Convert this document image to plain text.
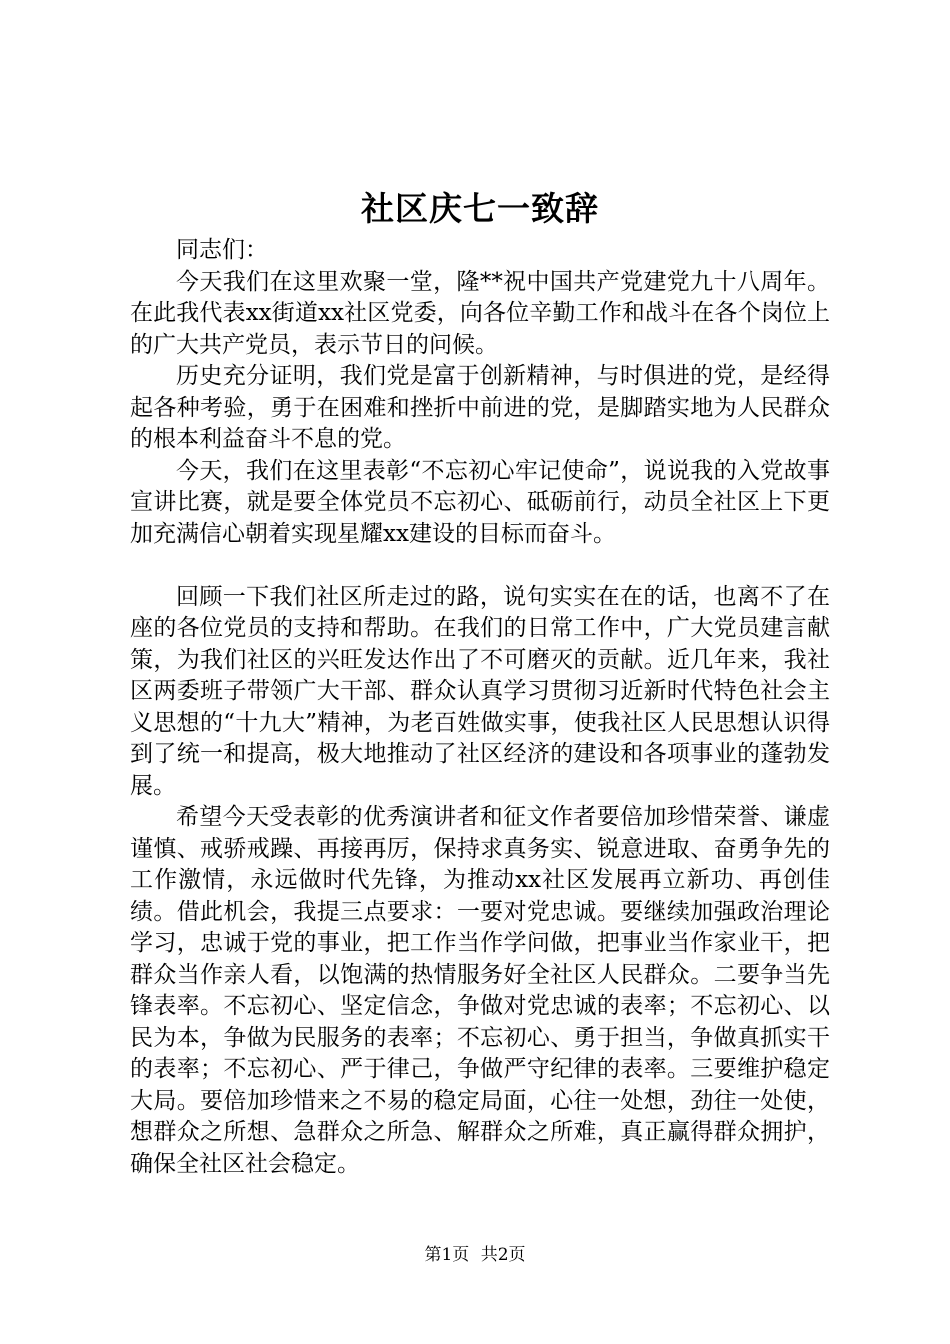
社区庆七一致辞

同志们：

今天我们在这里欢聚一堂，隆**祝中国共产党建党九十八周年。在此我代表xx街道xx社区党委，向各位辛勤工作和战斗在各个岗位上的广大共产党员，表示节日的问候。

历史充分证明，我们党是富于创新精神，与时俱进的党，是经得起各种考验，勇于在困难和挫折中前进的党，是脚踏实地为人民群众的根本利益奋斗不息的党。

今天，我们在这里表彰“不忘初心牢记使命”，说说我的入党故事宣讲比赛，就是要全体党员不忘初心、砥砺前行，动员全社区上下更加充满信心朝着实现星耀xx建设的目标而奋斗。

回顾一下我们社区所走过的路，说句实实在在的话，也离不了在座的各位党员的支持和帮助。在我们的日常工作中，广大党员建言献策，为我们社区的兴旺发达作出了不可磨灭的贡献。近几年来，我社区两委班子带领广大干部、群众认真学习贯彻习近新时代特色社会主义思想的“十九大”精神，为老百姓做实事，使我社区人民思想认识得到了统一和提高，极大地推动了社区经济的建设和各项事业的蓬勃发展。

希望今天受表彰的优秀演讲者和征文作者要倍加珍惜荣誉、谦虚谨慎、戒骄戒躁、再接再厉，保持求真务实、锐意进取、奋勇争先的工作激情，永远做时代先锋，为推动xx社区发展再立新功、再创佳绩。借此机会，我提三点要求：一要对党忠诚。要继续加强政治理论学习，忠诚于党的事业，把工作当作学问做，把事业当作家业干，把群众当作亲人看，以饱满的热情服务好全社区人民群众。二要争当先锋表率。不忘初心、坚定信念，争做对党忠诚的表率；不忘初心、以民为本，争做为民服务的表率；不忘初心、勇于担当，争做真抓实干的表率；不忘初心、严于律己，争做严守纪律的表率。三要维护稳定大局。要倍加珍惜来之不易的稳定局面，心往一处想，劲往一处使，想群众之所想、急群众之所急、解群众之所难，真正赢得群众拥护，确保全社区社会稳定。

第1页 共2页
